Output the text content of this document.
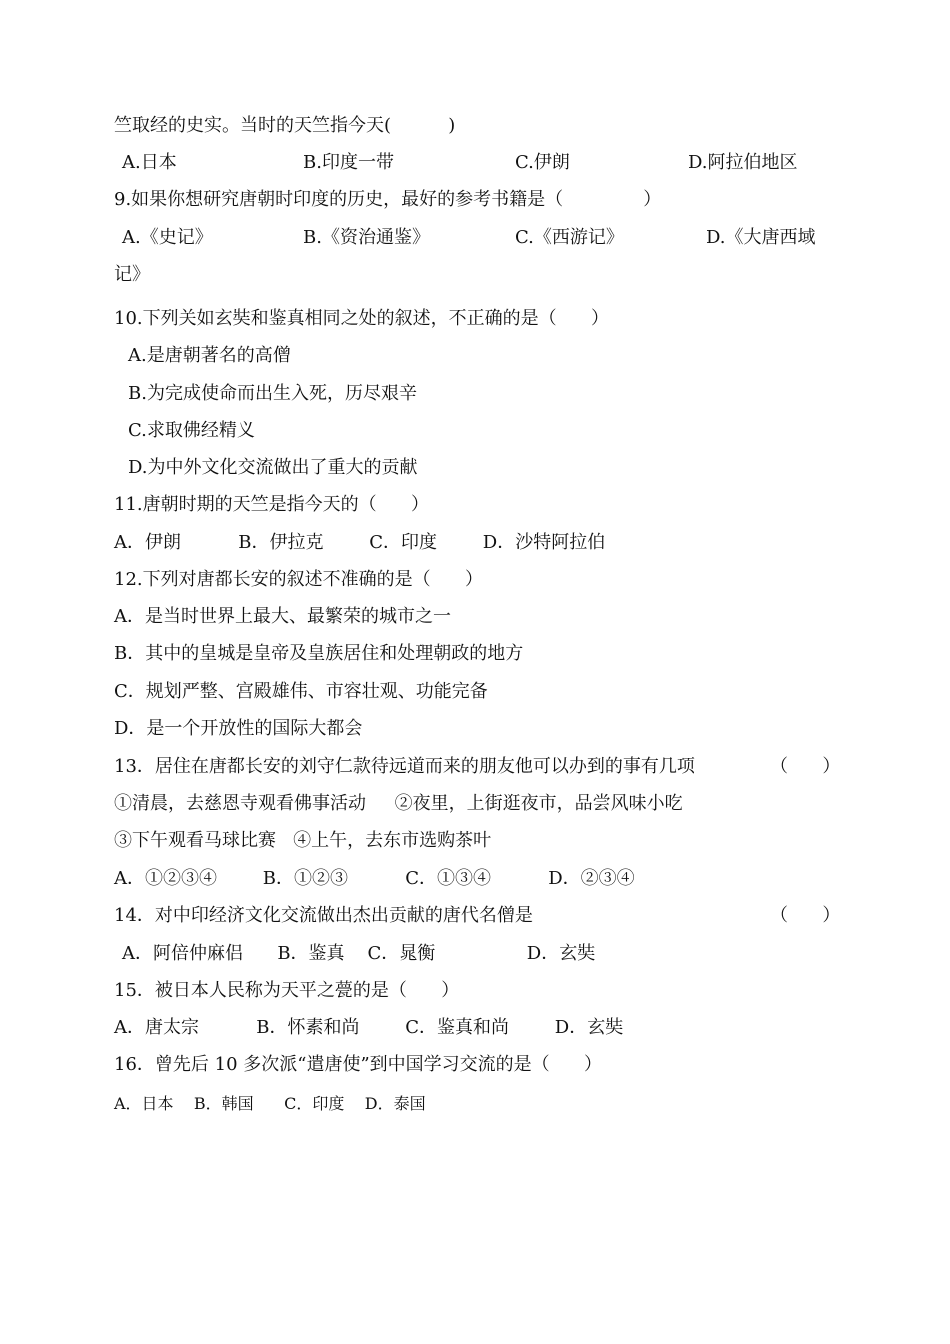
竺取经的史实。当时的天竺指今天(          )
A.日本	B.印度一带	C.伊朗	D.阿拉伯地区
9.如果你想研究唐朝时印度的历史，最好的参考书籍是（              ）
A.《史记》	B.《资治通鉴》	C.《西游记》	D.《大唐西域
记》
10.下列关如玄奘和鉴真相同之处的叙述，不正确的是（      ）
A.是唐朝著名的高僧
B.为完成使命而出生入死，历尽艰辛
C.求取佛经精义
D.为中外文化交流做出了重大的贡献
11.唐朝时期的天竺是指今天的（      ）
A．伊朗          B．伊拉克        C．印度        D．沙特阿拉伯
12.下列对唐都长安的叙述不准确的是（      ）
A．是当时世界上最大、最繁荣的城市之一
B．其中的皇城是皇帝及皇族居住和处理朝政的地方
C．规划严整、宫殿雄伟、市容壮观、功能完备
D．是一个开放性的国际大都会
13．居住在唐都长安的刘守仁款待远道而来的朋友他可以办到的事有几项	（      ）
①清晨，去慈恩寺观看佛事活动     ②夜里，上街逛夜市，品尝风味小吃
③下午观看马球比赛   ④上午，去东市选购茶叶
A．①②③④        B．①②③          C．①③④          D．②③④
14．对中印经济文化交流做出杰出贡献的唐代名僧是	（      ）
A．阿倍仲麻侣      B．鉴真    C．晁衡                D．玄奘
15．被日本人民称为天平之甍的是（      ）
A．唐太宗          B．怀素和尚        C．鉴真和尚        D．玄奘
16．曾先后 10 多次派“遣唐使”到中国学习交流的是（      ）
A．日本    B．韩国      C．印度    D．泰国
